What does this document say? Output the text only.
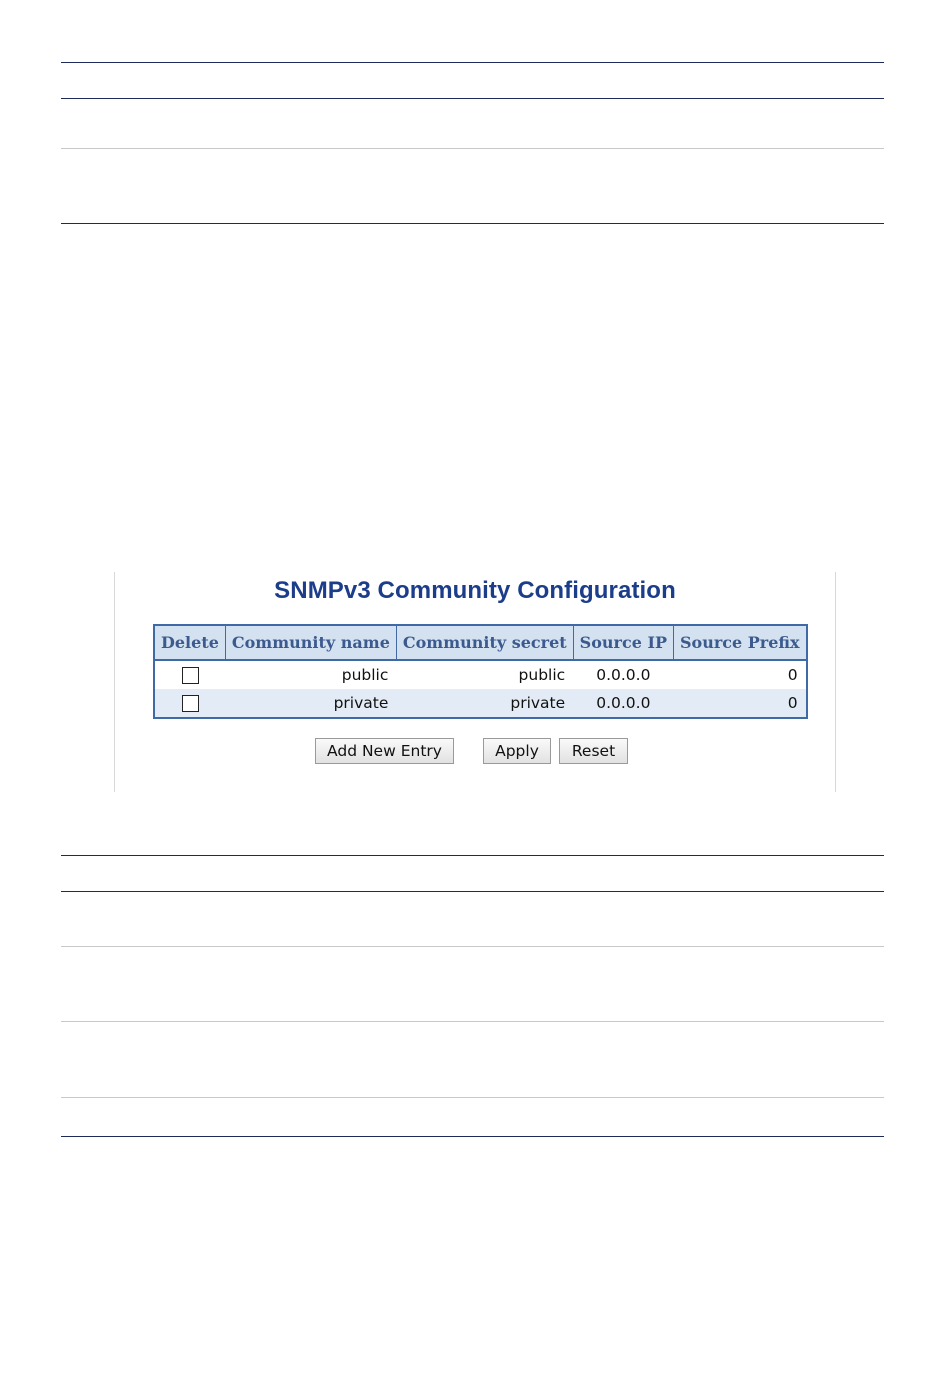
SNMPv3 Community Configuration
Delete	Community name	Community secret	Source IP	Source Prefix
	public	public	0.0.0.0	0
	private	private	0.0.0.0	0
Add New Entry	Apply	Reset
